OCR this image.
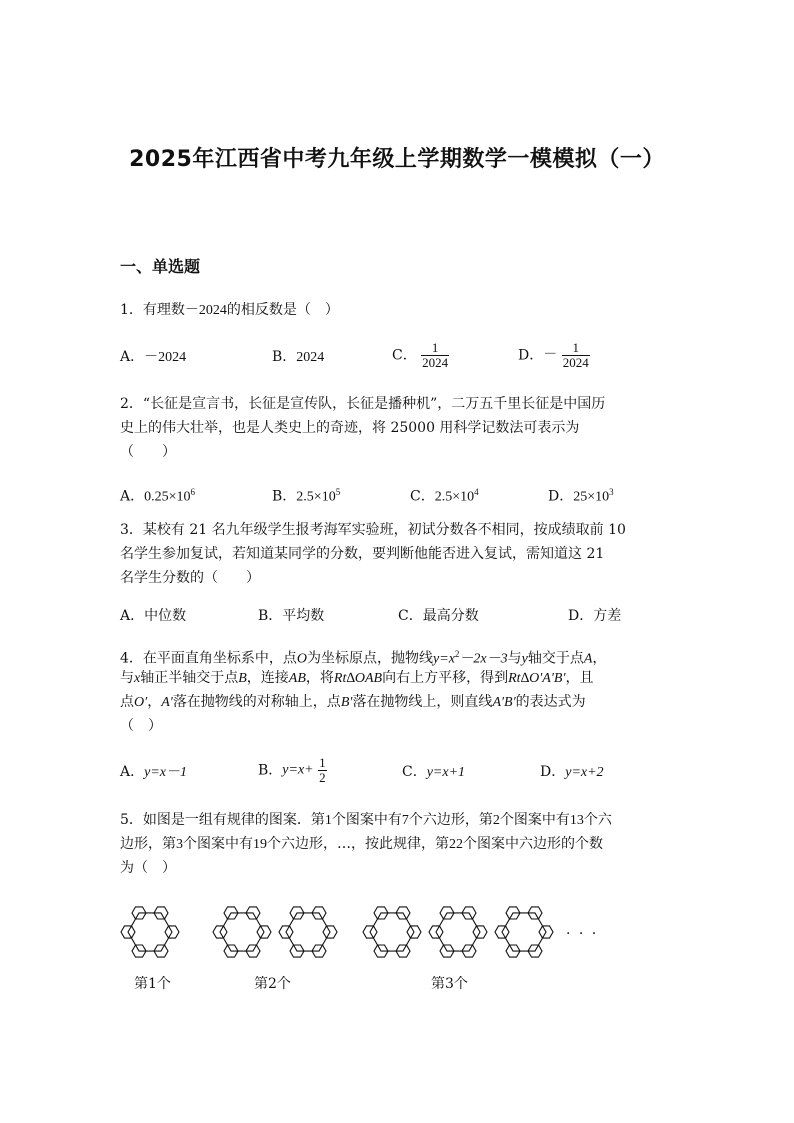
2025年江西省中考九年级上学期数学一模模拟（一）
一、单选题
1．有理数－2024的相反数是（　）
A．－2024	B．2024	C． $\frac{1}{2024}$	D．－ $\frac{1}{2024}$
2．“长征是宣言书，长征是宣传队，长征是播种机”，二万五千里长征是中国历
史上的伟大壮举，也是人类史上的奇迹，将 25000 用科学记数法可表示为
（　　）
A．$0.25\times 10^6$	B．$2.5\times 10^5$	C．$2.5\times 10^4$	D．$25\times 10^3$
3．某校有 21 名九年级学生报考海军实验班，初试分数各不相同，按成绩取前 10
名学生参加复试，若知道某同学的分数，要判断他能否进入复试，需知道这 21
名学生分数的（　　）
A．中位数	B．平均数	C．最高分数	D．方差
4．在平面直角坐标系中，点O为坐标原点，抛物线$y=x^2-2x-3$与y轴交于点A，
与x轴正半轴交于点B，连接AB，将Rt∆OAB向右上方平移，得到Rt∆O′A′B′，且
点O′，A′落在抛物线的对称轴上，点B′落在抛物线上，则直线A′B′的表达式为
（　）
A．y=x－1	B．$y=x+ \frac{1}{2}$	C．y=x+1	D．y=x+2
5．如图是一组有规律的图案．第1个图案中有7个六边形，第2个图案中有13个六
边形，第3个图案中有19个六边形，…，按此规律，第22个图案中六边形的个数
为（　）
· · ·
第1个	第2个	第3个
